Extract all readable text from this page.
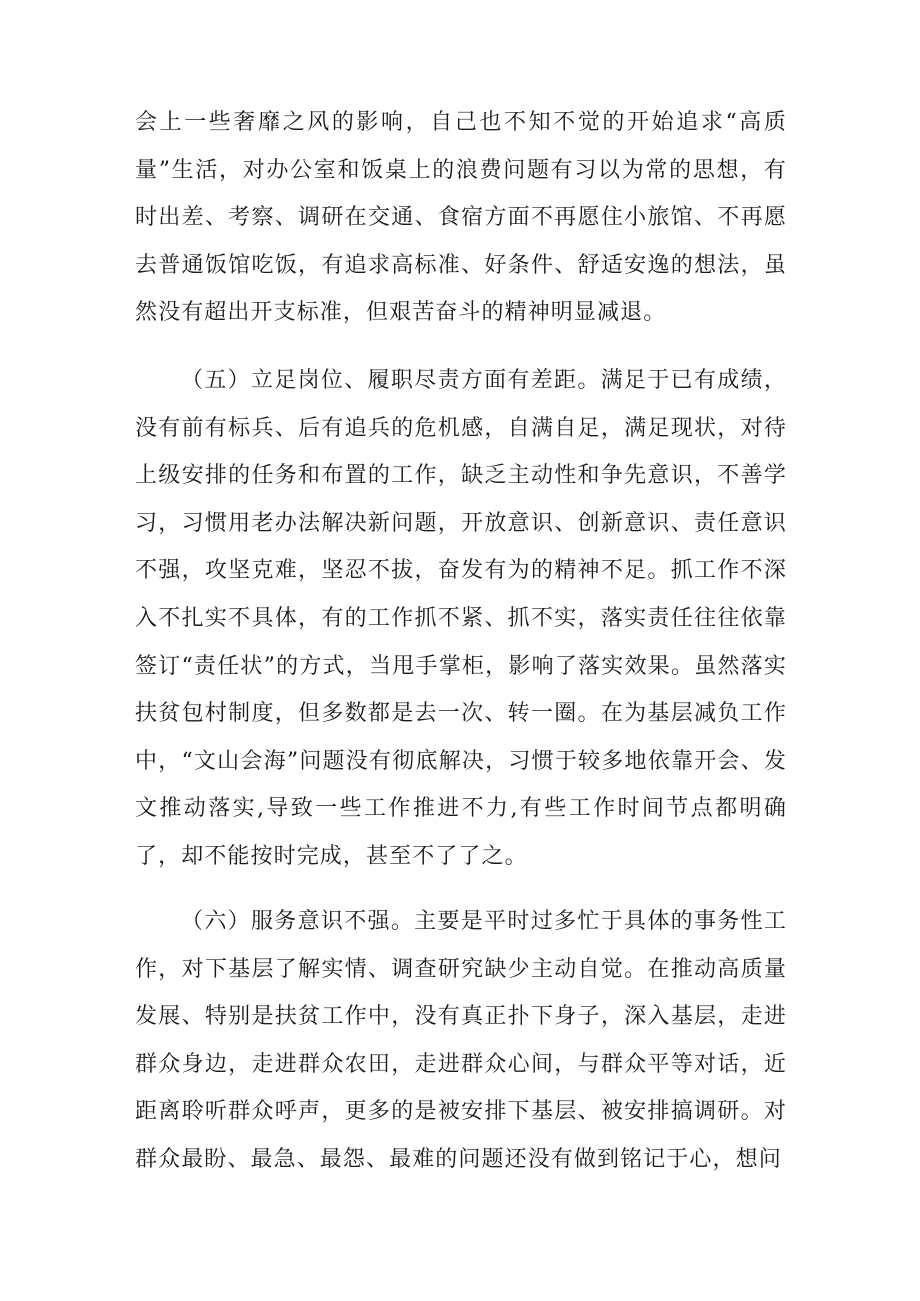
会上一些奢靡之风的影响，自己也不知不觉的开始追求“高质量”生活，对办公室和饭桌上的浪费问题有习以为常的思想，有时出差、考察、调研在交通、食宿方面不再愿住小旅馆、不再愿去普通饭馆吃饭，有追求高标准、好条件、舒适安逸的想法，虽然没有超出开支标准，但艰苦奋斗的精神明显减退。

（五）立足岗位、履职尽责方面有差距。满足于已有成绩，没有前有标兵、后有追兵的危机感，自满自足，满足现状，对待上级安排的任务和布置的工作，缺乏主动性和争先意识，不善学习，习惯用老办法解决新问题，开放意识、创新意识、责任意识不强，攻坚克难，坚忍不拔，奋发有为的精神不足。抓工作不深入不扎实不具体，有的工作抓不紧、抓不实，落实责任往往依靠签订“责任状”的方式，当甩手掌柜，影响了落实效果。虽然落实扶贫包村制度，但多数都是去一次、转一圈。在为基层减负工作中，“文山会海”问题没有彻底解决，习惯于较多地依靠开会、发文推动落实,导致一些工作推进不力,有些工作时间节点都明确了，却不能按时完成，甚至不了了之。

（六）服务意识不强。主要是平时过多忙于具体的事务性工作，对下基层了解实情、调查研究缺少主动自觉。在推动高质量发展、特别是扶贫工作中，没有真正扑下身子，深入基层，走进群众身边，走进群众农田，走进群众心间，与群众平等对话，近距离聆听群众呼声，更多的是被安排下基层、被安排搞调研。对群众最盼、最急、最怨、最难的问题还没有做到铭记于心，想问
